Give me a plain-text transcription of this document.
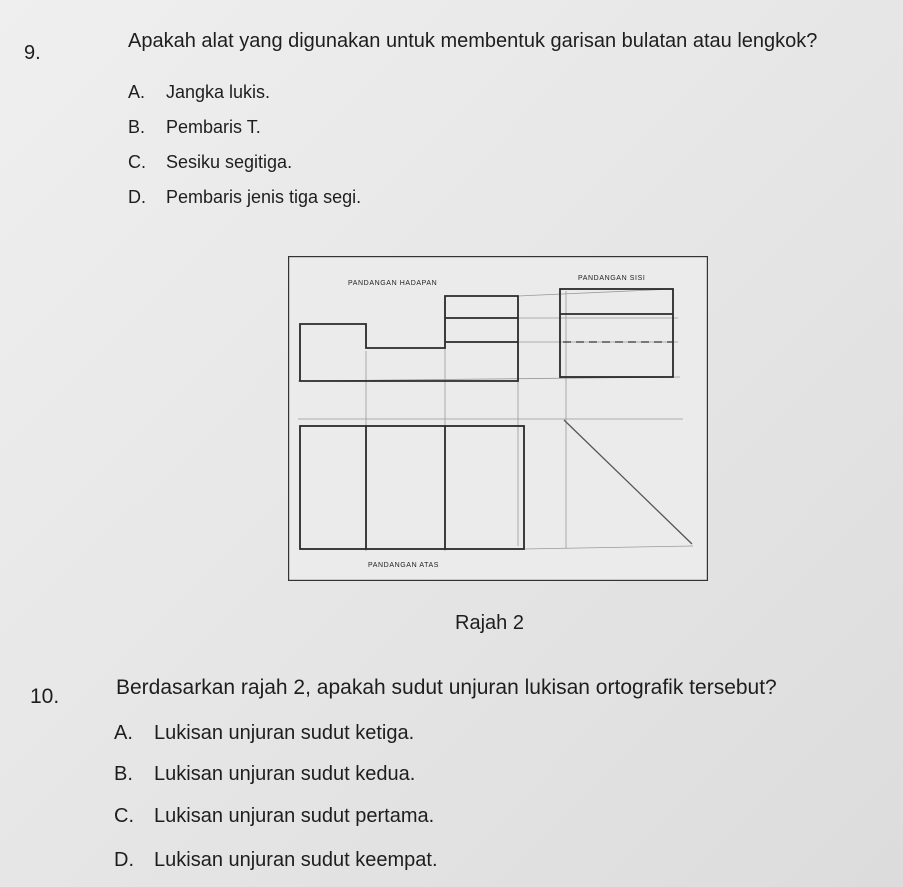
9.
Apakah alat yang digunakan untuk membentuk garisan bulatan atau lengkok?
A. Jangka lukis.
B. Pembaris T.
C. Sesiku segitiga.
D. Pembaris jenis tiga segi.
PANDANGAN HADAPAN
PANDANGAN SISI
PANDANGAN ATAS
Rajah 2
10.	Berdasarkan rajah 2, apakah sudut unjuran lukisan ortografik tersebut?
A. Lukisan unjuran sudut ketiga.
B. Lukisan unjuran sudut kedua.
C. Lukisan unjuran sudut pertama.
D. Lukisan unjuran sudut keempat.
